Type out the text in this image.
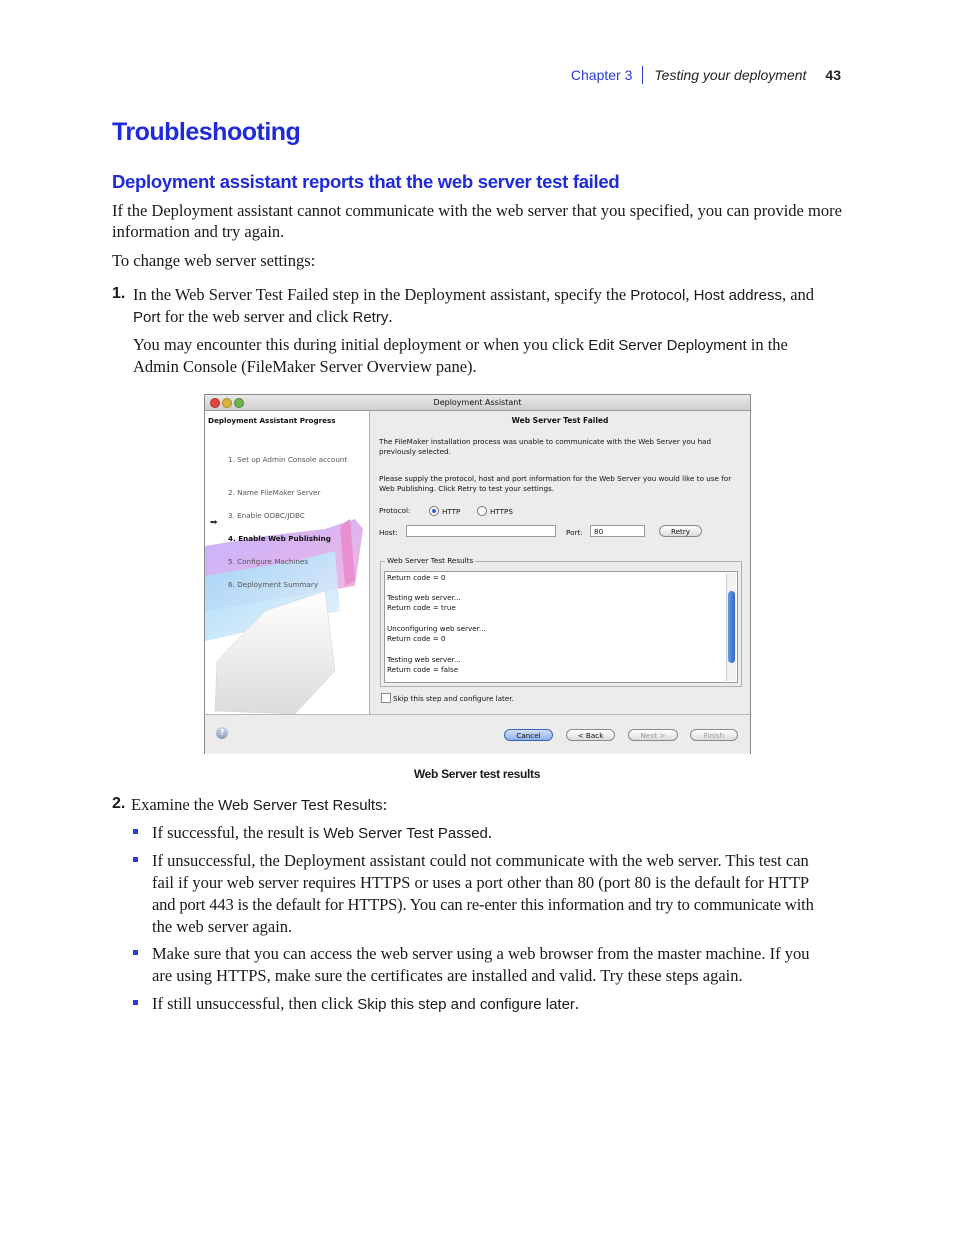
Chapter 3 Testing your deployment 43
Troubleshooting
Deployment assistant reports that the web server test failed

If the Deployment assistant cannot communicate with the web server that you specified, you can provide more information and try again.

To change web server settings:

1. In the Web Server Test Failed step in the Deployment assistant, specify the Protocol, Host address, and

Port for the web server and click Retry.

You may encounter this during initial deployment or when you click Edit Server Deployment in the

Admin Console (FileMaker Server Overview pane).

Deployment Assistant
Deployment Assistant Progress
1. Set up Admin Console account
2. Name FileMaker Server
3. Enable ODBC/JDBC
➡
4. Enable Web Publishing
5. Configure Machines
6. Deployment Summary
Web Server Test Failed
The FileMaker installation process was unable to communicate with the Web Server you had previously selected.
Please supply the protocol, host and port information for the Web Server you would like to use for Web Publishing. Click Retry to test your settings.
Protocol:	HTTP	HTTPS
Host:	Port:	80	Retry
Web Server Test Results
Return code = 0
Testing web server...
Return code = true
Unconfiguring web server...
Return code = 0
Testing web server...
Return code = false
Skip this step and configure later.
?	Cancel	< Back	Next >	Finish
Web Server test results
2. Examine the Web Server Test Results:

If successful, the result is Web Server Test Passed.

If unsuccessful, the Deployment assistant could not communicate with the web server. This test can

fail if your web server requires HTTPS or uses a port other than 80 (port 80 is the default for HTTP

and port 443 is the default for HTTPS). You can re-enter this information and try to communicate with

the web server again.

Make sure that you can access the web server using a web browser from the master machine. If you

are using HTTPS, make sure the certificates are installed and valid. Try these steps again.

If still unsuccessful, then click Skip this step and configure later.
